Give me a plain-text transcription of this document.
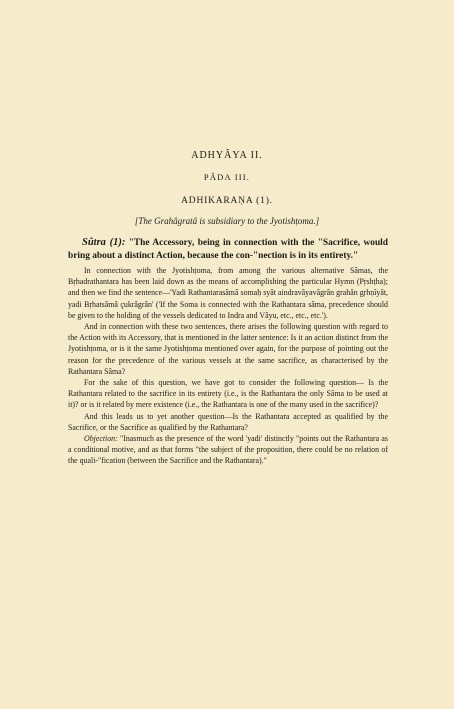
ADHYÂYA II.
PÂDA III.
ADHIKARAṆA (1).
[The Grahâgratâ is subsidiary to the Jyotishṭoma.]

Sûtra (1): "The Accessory, being in connection with the "Sacrifice, would bring about a distinct Action, because the con-"nection is in its entirety."

In connection with the Jyotishṭoma, from among the various alternative Sâmas, the Bṛhadrathantara has been laid down as the means of accomplishing the particular Hymn (Pṛshṭha); and then we find the sentence—'Yadi Rathantarasâmâ somaḥ syât aindravâyavâgrân grahân gṛhṇîyât, yadi Bṛhatsâmâ çukrâgrân' ('If the Soma is connected with the Rathantara sâma, precedence should be given to the holding of the vessels dedicated to Indra and Vâyu, etc., etc., etc.').

And in connection with these two sentences, there arises the following question with regard to the Action with its Accessory, that is mentioned in the latter sentence: Is it an action distinct from the Jyotishṭoma, or is it the same Jyotishṭoma mentioned over again, for the purpose of pointing out the reason for the precedence of the various vessels at the same sacrifice, as characterised by the Rathantara Sâma?

For the sake of this question, we have got to consider the following question— Is the Rathantara related to the sacrifice in its entirety (i.e., is the Rathantara the only Sâma to be used at it)? or is it related by mere existence (i.e., the Rathantara is one of the many used in the sacrifice)?

And this leads us to yet another question—Is the Rathantara accepted as qualified by the Sacrifice, or the Sacrifice as qualified by the Rathantara?

Objection: "Inasmuch as the presence of the word 'yadi' distinctly "points out the Rathantara as a conditional motive, and as that forms "the subject of the proposition, there could be no relation of the quali-"fication (between the Sacrifice and the Rathantara)."
